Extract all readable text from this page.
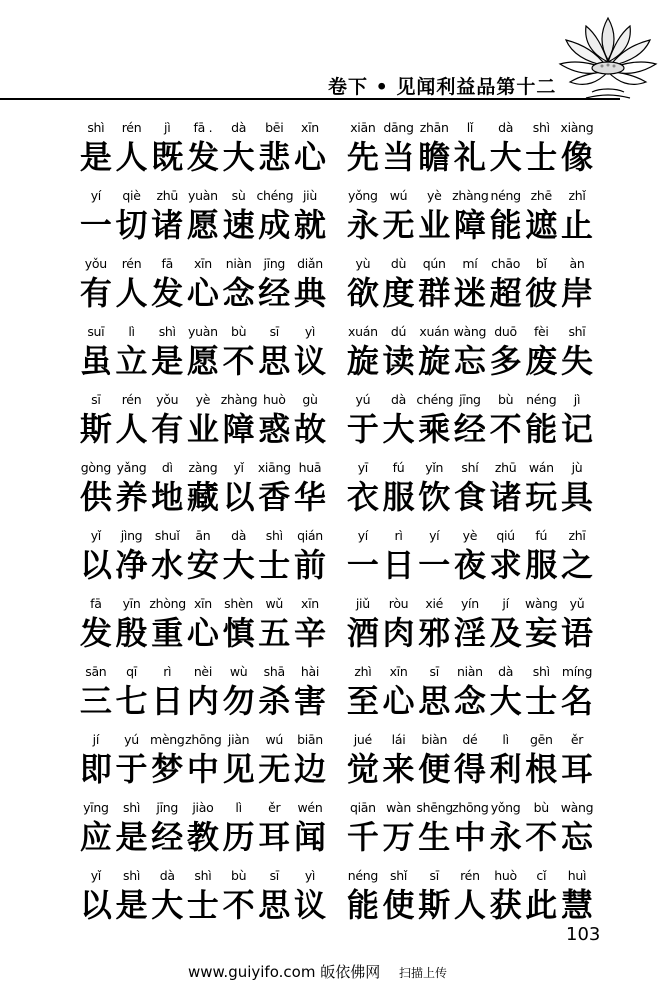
卷下 • 见闻利益品第十二
shì	rén	jì	fā .	dà	bēi	xīn
是 人 既 发 大 悲 心
yí	qiè	zhū yuàn	sù chéng jiù
一 切 诸 愿 速 成 就
yǒu	rén	fā	xīn	niàn jīng diǎn
有 人 发 心 念 经 典
suī	lì	shì yuàn	bù	sī	yì
虽 立 是 愿 不 思 议
sī	rén	yǒu	yè zhàng huò	gù
斯 人 有 业 障 惑 故
gòng yǎng	dì	zàng	yǐ	xiāng huā
供 养 地 藏 以 香 华
yǐ	jìng	shuǐ	ān	dà	shì	qián
以 净 水 安 大 士 前
fā	yīn zhòng xīn shèn wǔ	xīn
发 殷 重 心 慎 五 辛
sān	qī	rì	nèi	wù	shā	hài
三 七 日 内 勿 杀 害
jí	yú mèng zhōng jiàn	wú	biān
即 于 梦 中 见 无 边
yīng	shì	jīng	jiào	lì	ěr	wén
应 是 经 教 历 耳 闻
yǐ	shì	dà	shì	bù	sī	yì
以 是 大 士 不 思 议
xiān dāng zhān	lǐ	dà	shì xiàng
先 当 瞻 礼 大 士 像
yǒng wú	yè zhàng néng zhē	zhǐ
永 无 业 障 能 遮 止
yù	dù	qún	mí	chāo	bǐ	àn
欲 度 群 迷 超 彼 岸
xuán	dú	xuán wàng duō	fèi	shī
旋 读 旋 忘 多 废 失
yú	dà chéng jīng	bù	néng	jì
于 大 乘 经 不 能 记
yī	fú	yǐn	shí	zhū wán	jù
衣 服 饮 食 诸 玩 具
yí	rì	yí	yè	qiú	fú	zhī
一 日 一 夜 求 服 之
jiǔ	ròu	xié	yín	jí	wàng yǔ
酒 肉 邪 淫 及 妄 语
zhì	xīn	sī	niàn	dà	shì míng
至 心 思 念 大 士 名
jué	lái	biàn	dé	lì	gēn	ěr
觉 来 便 得 利 根 耳
qiān wàn shēng zhōng yǒng	bù wàng
千 万 生 中 永 不 忘
néng shǐ	sī	rén	huò	cǐ	huì
能 使 斯 人 获 此 慧
103
www.guiyifo.com 皈依佛网 扫描上传
